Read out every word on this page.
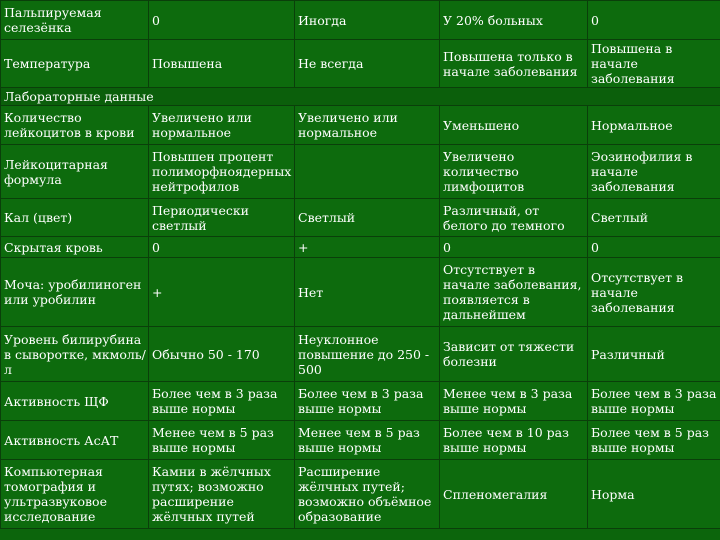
Пальпируемая селезёнка	0	Иногда	У 20% больных	0
Температура	Повышена	Не всегда	Повышена только в начале заболевания	Повышена в начале заболевания
Лабораторные данные				
Количество лейкоцитов в крови	Увеличено или нормальное	Увеличено или нормальное	Уменьшено	Нормальное
Лейкоцитарная формула	Повышен процент полиморфноядерных нейтрофилов		Увеличено количество лимфоцитов	Эозинофилия в начале заболевания
Кал (цвет)	Периодически светлый	Светлый	Различный, от белого до темного	Светлый
Скрытая кровь	0	+	0	0
Моча: уробилиноген или уробилин	+	Нет	Отсутствует в начале заболевания, появляется в дальнейшем	Отсутствует в начале заболевания
Уровень билирубина в сыворотке, мкмоль/л	Обычно 50 - 170	Неуклонное повышение до 250 - 500	Зависит от тяжести болезни	Различный
Активность ЩФ	Более чем в 3 раза выше нормы	Более чем в 3 раза выше нормы	Менее чем в 3 раза выше нормы	Более чем в 3 раза выше нормы
Активность АсАТ	Менее чем в 5 раз выше нормы	Менее чем в 5 раз выше нормы	Более чем в 10 раз выше нормы	Более чем в 5 раз выше нормы
Компьютерная томография и ультразвуковое исследование	Камни в жёлчных путях; возможно расширение жёлчных путей	Расширение жёлчных путей; возможно объёмное образование	Спленомегалия	Норма
